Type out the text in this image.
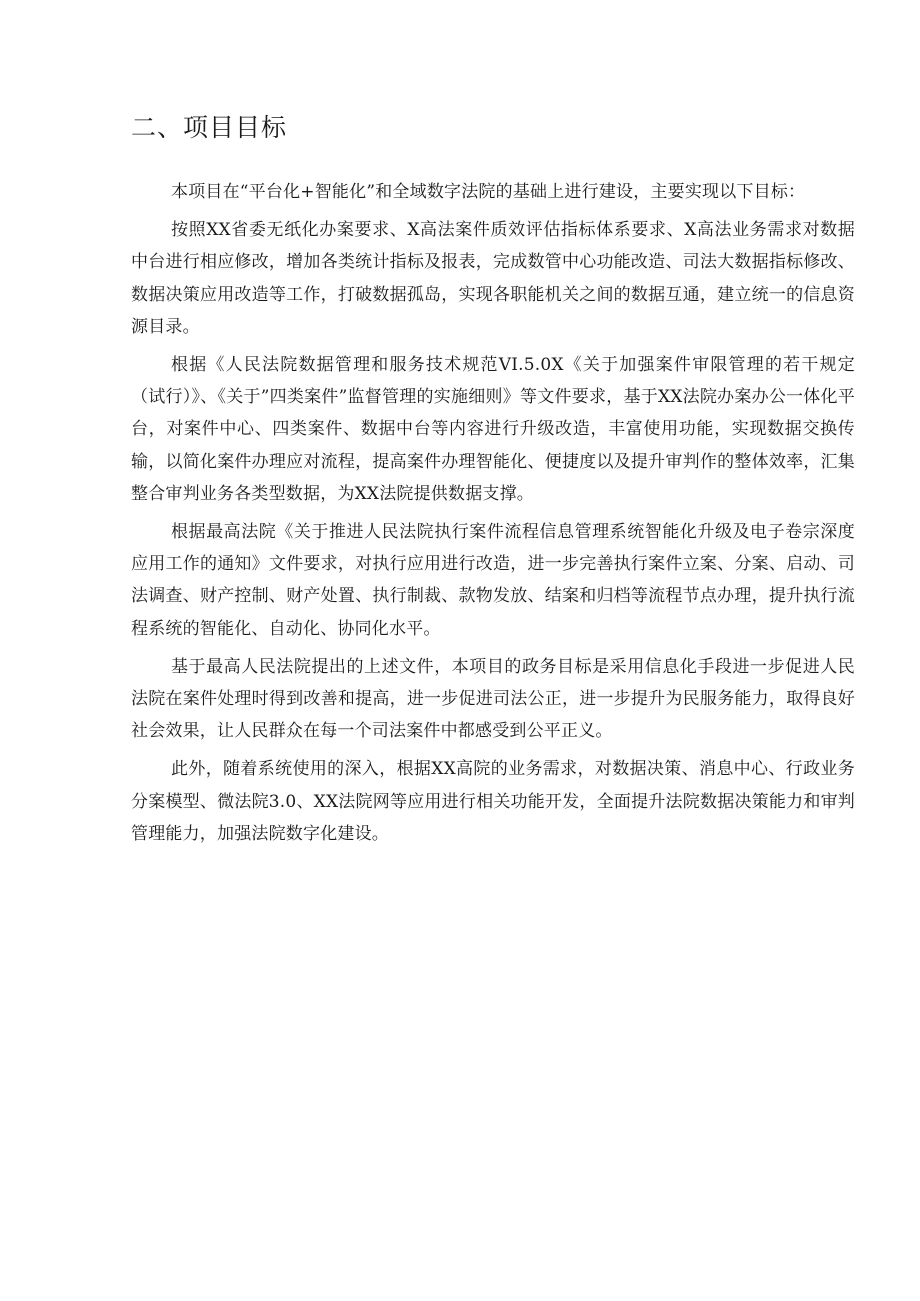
二、项目目标

本项目在“平台化+智能化”和全域数字法院的基础上进行建设，主要实现以下目标：

按照XX省委无纸化办案要求、X高法案件质效评估指标体系要求、X高法业务需求对数据中台进行相应修改，增加各类统计指标及报表，完成数管中心功能改造、司法大数据指标修改、数据决策应用改造等工作，打破数据孤岛，实现各职能机关之间的数据互通，建立统一的信息资源目录。

根据《人民法院数据管理和服务技术规范VI.5.0X《关于加强案件审限管理的若干规定（试行）》、《关于”四类案件”监督管理的实施细则》等文件要求，基于XX法院办案办公一体化平台，对案件中心、四类案件、数据中台等内容进行升级改造，丰富使用功能，实现数据交换传输，以简化案件办理应对流程，提高案件办理智能化、便捷度以及提升审判作的整体效率，汇集整合审判业务各类型数据，为XX法院提供数据支撑。

根据最高法院《关于推进人民法院执行案件流程信息管理系统智能化升级及电子卷宗深度应用工作的通知》文件要求，对执行应用进行改造，进一步完善执行案件立案、分案、启动、司法调查、财产控制、财产处置、执行制裁、款物发放、结案和归档等流程节点办理，提升执行流程系统的智能化、自动化、协同化水平。

基于最高人民法院提出的上述文件，本项目的政务目标是采用信息化手段进一步促进人民法院在案件处理时得到改善和提高，进一步促进司法公正，进一步提升为民服务能力，取得良好社会效果，让人民群众在每一个司法案件中都感受到公平正义。

此外，随着系统使用的深入，根据XX高院的业务需求，对数据决策、消息中心、行政业务分案模型、微法院3.0、XX法院网等应用进行相关功能开发，全面提升法院数据决策能力和审判管理能力，加强法院数字化建设。
